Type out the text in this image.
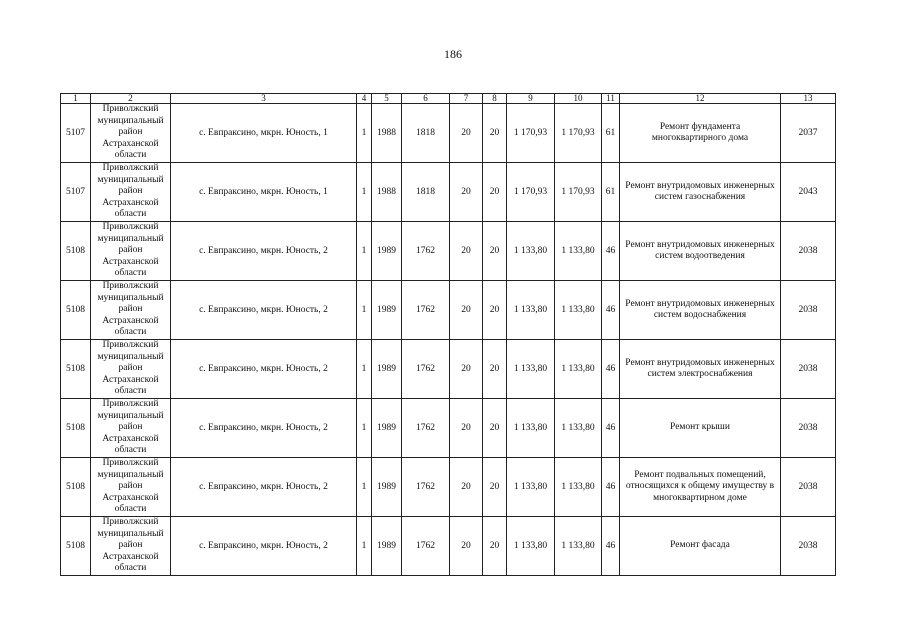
186
1	2	3	4	5	6	7	8	9	10	11	12	13
5107	Приволжский муниципальный район Астраханской области	с. Евпраксино, мкрн. Юность, 1	1	1988	1818	20	20	1 170,93	1 170,93	61	Ремонт фундамента многоквартирного дома	2037
5107	Приволжский муниципальный район Астраханской области	с. Евпраксино, мкрн. Юность, 1	1	1988	1818	20	20	1 170,93	1 170,93	61	Ремонт внутридомовых инженерных систем газоснабжения	2043
5108	Приволжский муниципальный район Астраханской области	с. Евпраксино, мкрн. Юность, 2	1	1989	1762	20	20	1 133,80	1 133,80	46	Ремонт внутридомовых инженерных систем водоотведения	2038
5108	Приволжский муниципальный район Астраханской области	с. Евпраксино, мкрн. Юность, 2	1	1989	1762	20	20	1 133,80	1 133,80	46	Ремонт внутридомовых инженерных систем водоснабжения	2038
5108	Приволжский муниципальный район Астраханской области	с. Евпраксино, мкрн. Юность, 2	1	1989	1762	20	20	1 133,80	1 133,80	46	Ремонт внутридомовых инженерных систем электроснабжения	2038
5108	Приволжский муниципальный район Астраханской области	с. Евпраксино, мкрн. Юность, 2	1	1989	1762	20	20	1 133,80	1 133,80	46	Ремонт крыши	2038
5108	Приволжский муниципальный район Астраханской области	с. Евпраксино, мкрн. Юность, 2	1	1989	1762	20	20	1 133,80	1 133,80	46	Ремонт подвальных помещений, относящихся к общему имуществу в многоквартирном доме	2038
5108	Приволжский муниципальный район Астраханской области	с. Евпраксино, мкрн. Юность, 2	1	1989	1762	20	20	1 133,80	1 133,80	46	Ремонт фасада	2038
